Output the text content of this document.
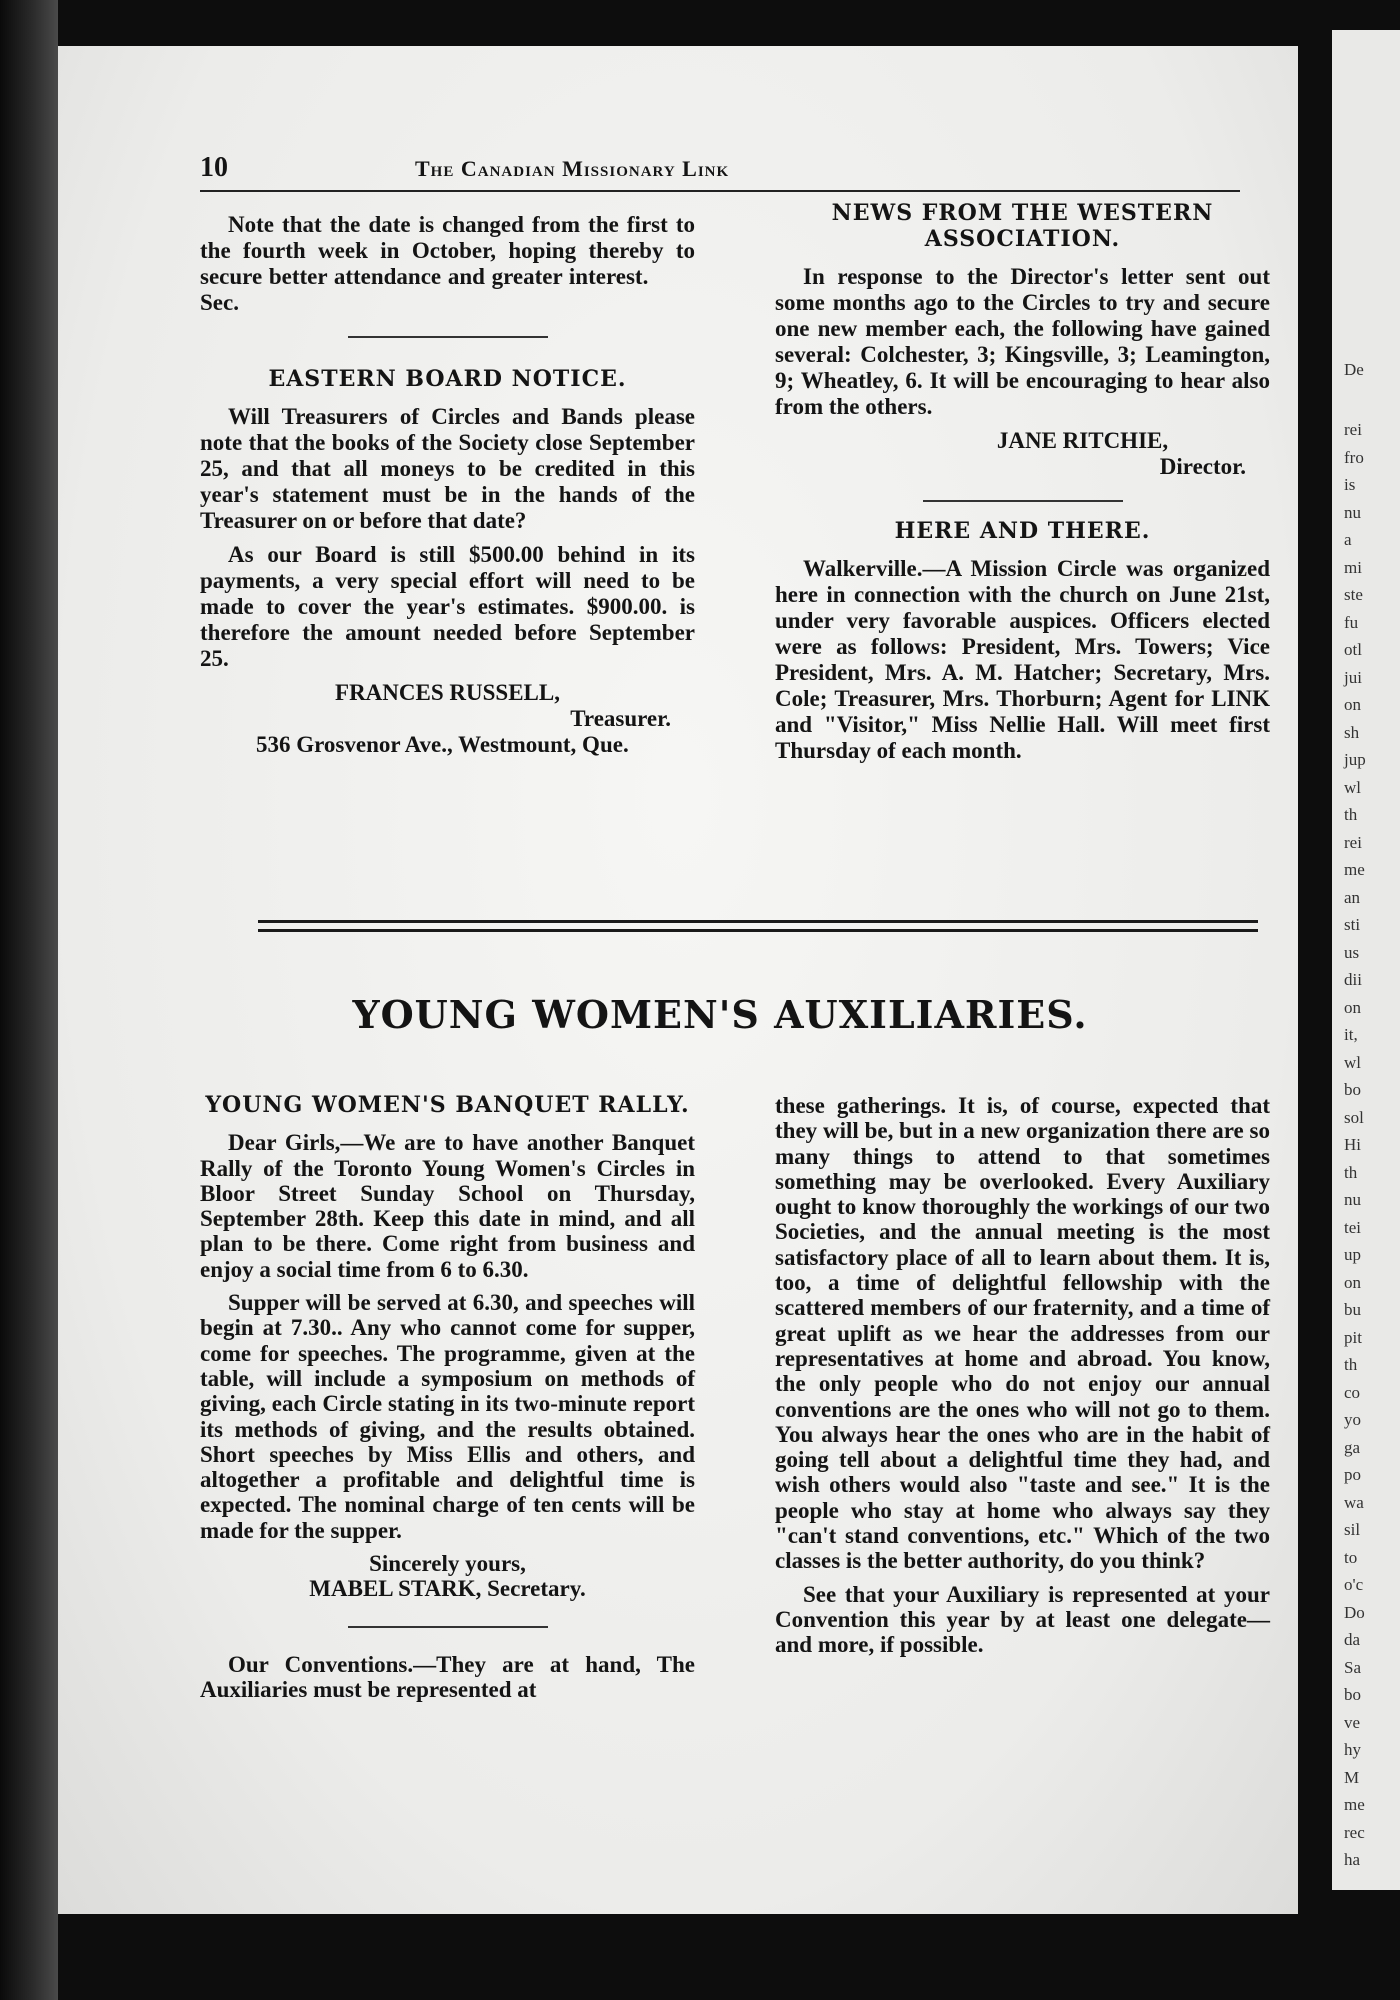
De
rei
fro
is
nu
a
mi
ste
fu
otl
jui
on
sh
jup
wl
th
rei
me
an
sti
us
dii
on
it,
wl
bo
sol
Hi
th
nu
tei
up
on
bu
pit
th
co
yo
ga
po
wa
sil
to
o'c
Do
da
Sa
bo
ve
hy
M
me
rec
ha
10	The Canadian Missionary Link

Note that the date is changed from the first to the fourth week in October, hoping thereby to secure better attendance and greater interest. Sec.

EASTERN BOARD NOTICE.

Will Treasurers of Circles and Bands please note that the books of the Society close September 25, and that all moneys to be credited in this year's statement must be in the hands of the Treasurer on or before that date?

As our Board is still $500.00 behind in its payments, a very special effort will need to be made to cover the year's estimates. $900.00. is therefore the amount needed before September 25.

FRANCES RUSSELL,

Treasurer.

536 Grosvenor Ave., Westmount, Que.

NEWS FROM THE WESTERN ASSOCIATION.

In response to the Director's letter sent out some months ago to the Circles to try and secure one new member each, the following have gained several: Colchester, 3; Kingsville, 3; Leamington, 9; Wheatley, 6. It will be encouraging to hear also from the others.

JANE RITCHIE,

Director.

HERE AND THERE.

Walkerville.—A Mission Circle was organized here in connection with the church on June 21st, under very favorable auspices. Officers elected were as follows: President, Mrs. Towers; Vice President, Mrs. A. M. Hatcher; Secretary, Mrs. Cole; Treasurer, Mrs. Thorburn; Agent for LINK and "Visitor," Miss Nellie Hall. Will meet first Thursday of each month.

YOUNG WOMEN'S AUXILIARIES.
YOUNG WOMEN'S BANQUET RALLY.

Dear Girls,—We are to have another Banquet Rally of the Toronto Young Women's Circles in Bloor Street Sunday School on Thursday, September 28th. Keep this date in mind, and all plan to be there. Come right from business and enjoy a social time from 6 to 6.30.

Supper will be served at 6.30, and speeches will begin at 7.30.. Any who cannot come for supper, come for speeches. The programme, given at the table, will include a symposium on methods of giving, each Circle stating in its two-minute report its methods of giving, and the results obtained. Short speeches by Miss Ellis and others, and altogether a profitable and delightful time is expected. The nominal charge of ten cents will be made for the supper.

Sincerely yours,

MABEL STARK, Secretary.

Our Conventions.—They are at hand, The Auxiliaries must be represented at

these gatherings. It is, of course, expected that they will be, but in a new organization there are so many things to attend to that sometimes something may be overlooked. Every Auxiliary ought to know thoroughly the workings of our two Societies, and the annual meeting is the most satisfactory place of all to learn about them. It is, too, a time of delightful fellowship with the scattered members of our fraternity, and a time of great uplift as we hear the addresses from our representatives at home and abroad. You know, the only people who do not enjoy our annual conventions are the ones who will not go to them. You always hear the ones who are in the habit of going tell about a delightful time they had, and wish others would also "taste and see." It is the people who stay at home who always say they "can't stand conventions, etc." Which of the two classes is the better authority, do you think?

See that your Auxiliary is represented at your Convention this year by at least one delegate—and more, if possible.
